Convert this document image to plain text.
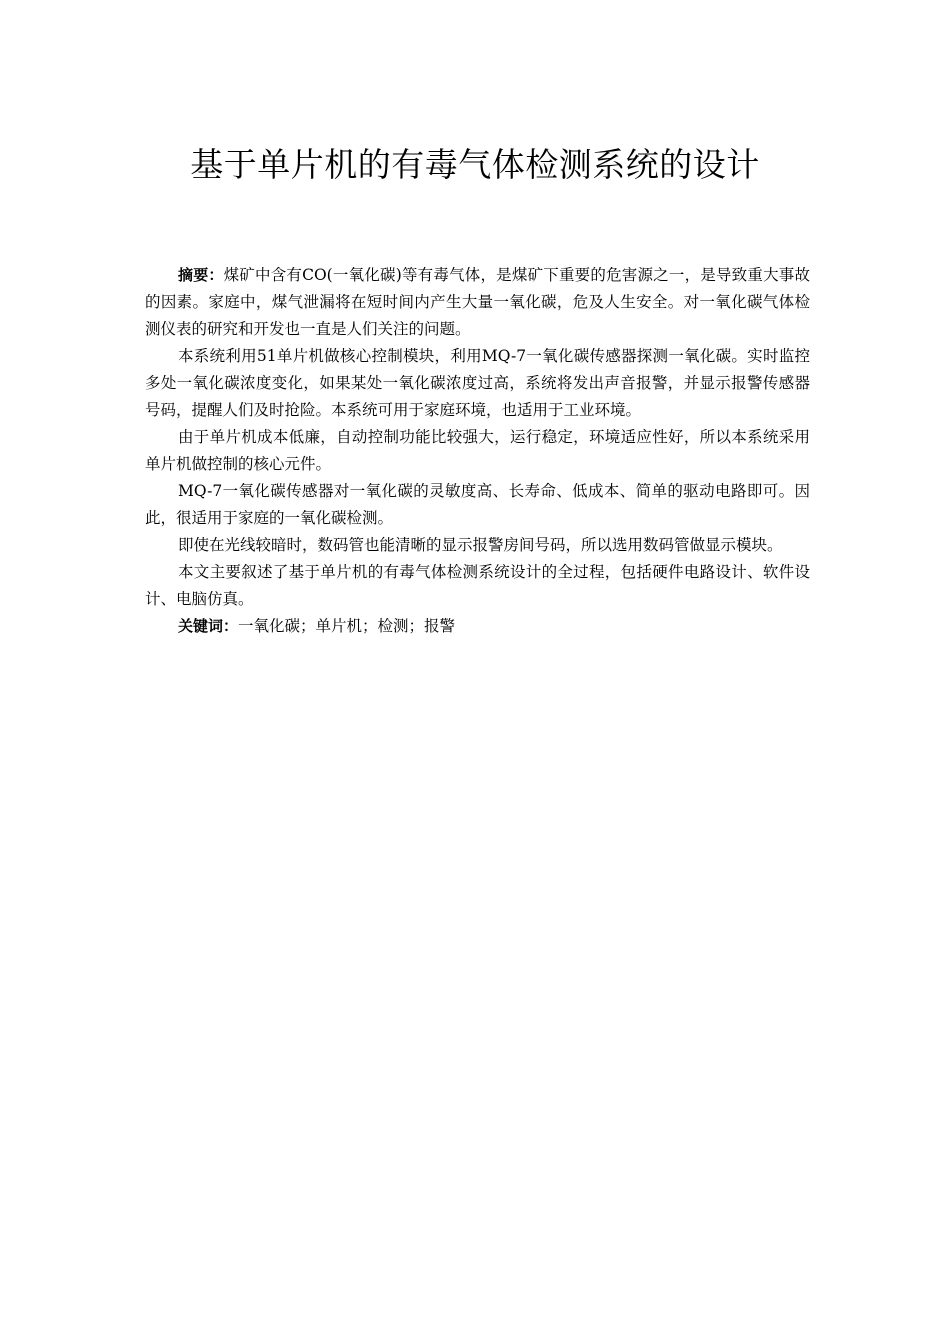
基于单片机的有毒气体检测系统的设计

摘要：煤矿中含有CO(一氧化碳)等有毒气体，是煤矿下重要的危害源之一，是导致重大事故的因素。家庭中，煤气泄漏将在短时间内产生大量一氧化碳，危及人生安全。对一氧化碳气体检测仪表的研究和开发也一直是人们关注的问题。

本系统利用51单片机做核心控制模块，利用MQ-7一氧化碳传感器探测一氧化碳。实时监控多处一氧化碳浓度变化，如果某处一氧化碳浓度过高，系统将发出声音报警，并显示报警传感器号码，提醒人们及时抢险。本系统可用于家庭环境，也适用于工业环境。

由于单片机成本低廉，自动控制功能比较强大，运行稳定，环境适应性好，所以本系统采用单片机做控制的核心元件。

MQ-7一氧化碳传感器对一氧化碳的灵敏度高、长寿命、低成本、简单的驱动电路即可。因此，很适用于家庭的一氧化碳检测。

即使在光线较暗时，数码管也能清晰的显示报警房间号码，所以选用数码管做显示模块。

本文主要叙述了基于单片机的有毒气体检测系统设计的全过程，包括硬件电路设计、软件设计、电脑仿真。

关键词：一氧化碳；单片机；检测；报警
